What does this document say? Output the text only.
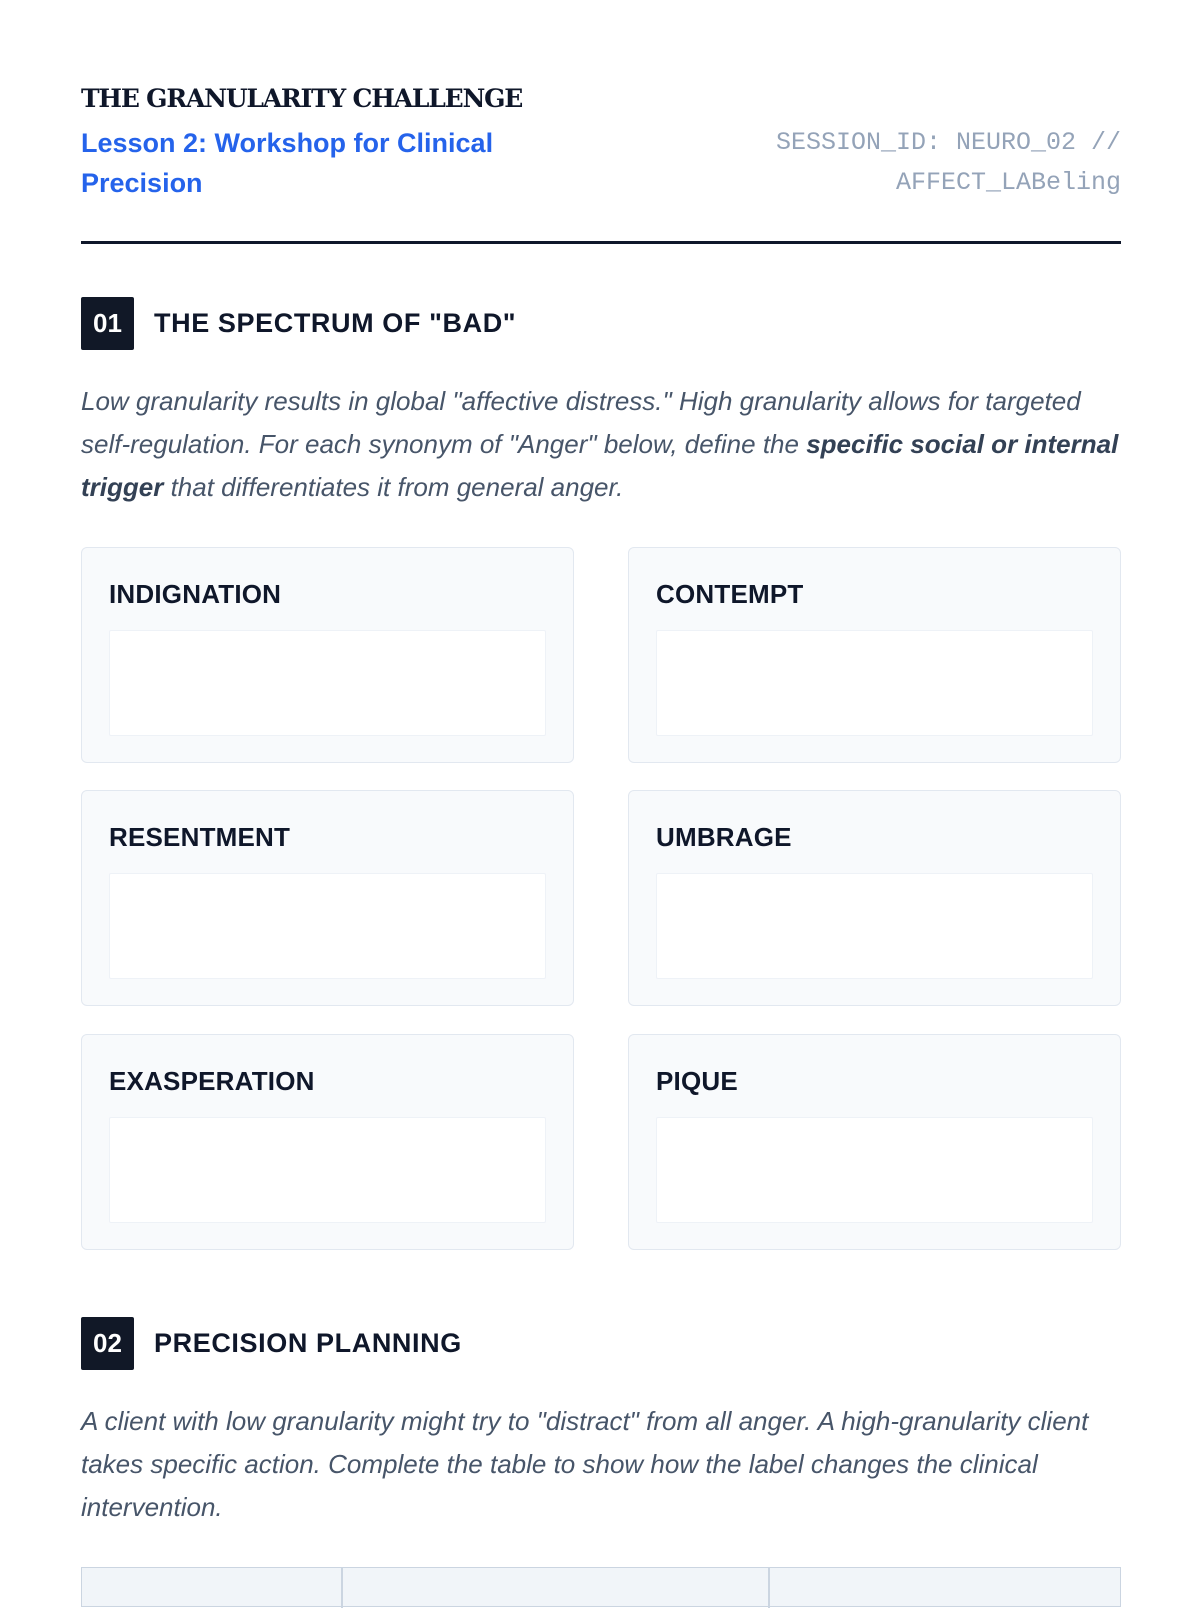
THE GRANULARITY CHALLENGE
Lesson 2: Workshop for Clinical Precision
SESSION_ID: NEURO_02 // AFFECT_LABeling
01	THE SPECTRUM OF "BAD"

Low granularity results in global "affective distress." High granularity allows for targeted self-regulation. For each synonym of "Anger" below, define the specific social or internal trigger that differentiates it from general anger.

INDIGNATION	CONTEMPT
RESENTMENT	UMBRAGE
EXASPERATION	PIQUE
02	PRECISION PLANNING

A client with low granularity might try to "distract" from all anger. A high-granularity client takes specific action. Complete the table to show how the label changes the clinical intervention.
